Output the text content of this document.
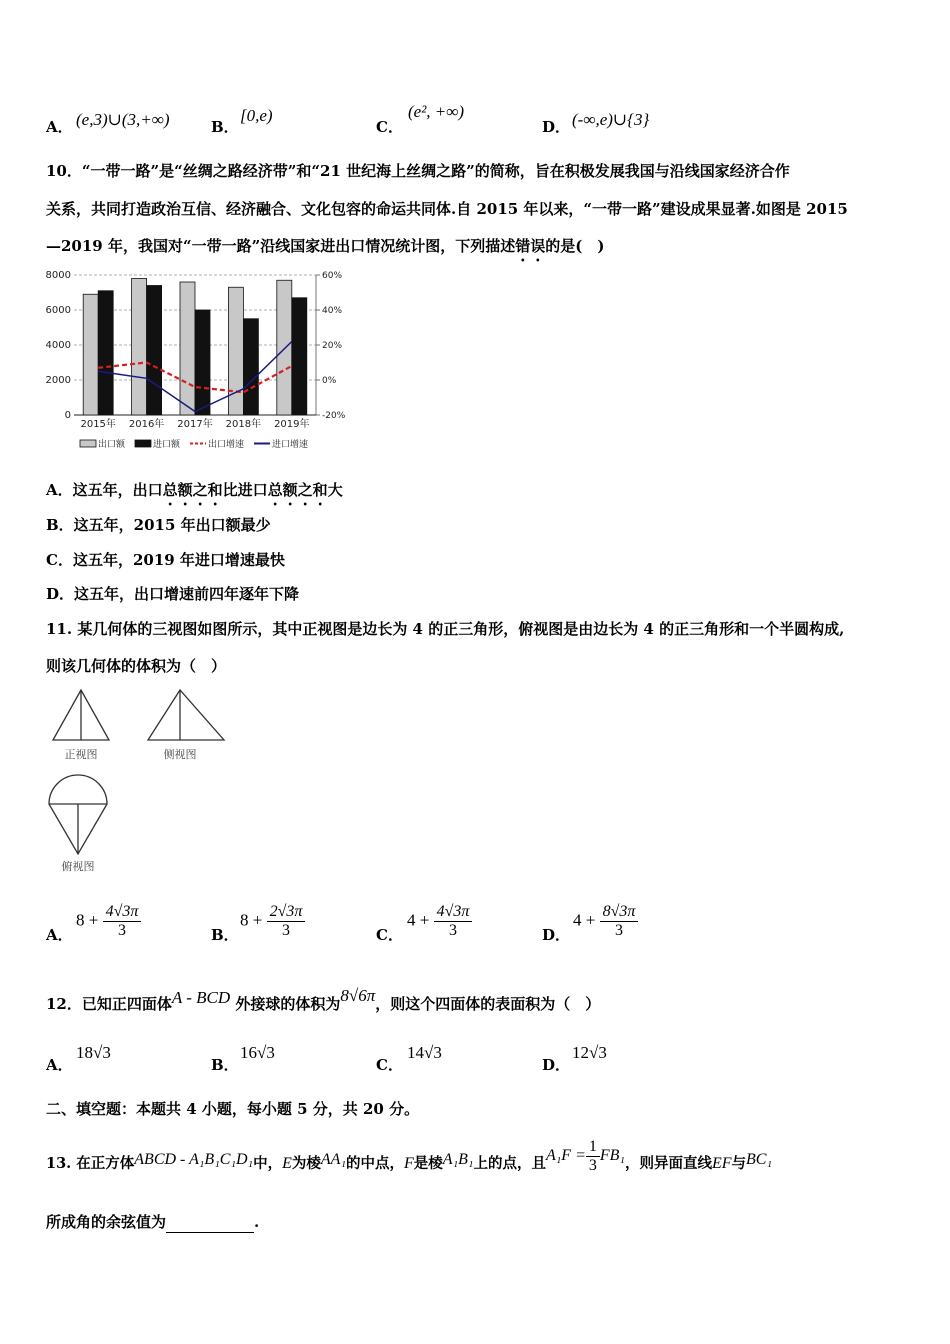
A． (e,3)∪(3,+∞)	B．
[0,e)
C．
(e², +∞)
D． (-∞,e)∪{3}
10．“一带一路”是“丝绸之路经济带”和“21 世纪海上丝绸之路”的简称，旨在积极发展我国与沿线国家经济合作
关系，共同打造政治互信、经济融合、文化包容的命运共同体.自 2015 年以来，“一带一路”建设成果显著.如图是 2015
—2019 年，我国对“一带一路”沿线国家进出口情况统计图，下列描述错误的是(　)
8000
6000
4000
2000
0
60%
40%
20%
0%
-20%
2015年 2016年 2017年 2018年 2019年
出口额	进口额	出口增速	进口增速
A．这五年，出口总额之和比进口总额之和大
B．这五年，2015 年出口额最少
C．这五年，2019 年进口增速最快
D．这五年，出口增速前四年逐年下降
11. 某几何体的三视图如图所示，其中正视图是边长为 4 的正三角形，俯视图是由边长为 4 的正三角形和一个半圆构成,
则该几何体的体积为（　）
正视图	侧视图
俯视图
A．
$8 + \frac{4√3\pi}{3}$	B．
$8 + \frac{2√3\pi}{3}$	C．
$4 + \frac{4√3\pi}{3}$	D．
$4 + \frac{8√3\pi}{3}$
12．已知正四面体A - BCD 外接球的体积为8√6π，则这个四面体的表面积为（　）
A．
18√3
B．
16√3
C．
14√3
D．
12√3
二、填空题：本题共 4 小题，每小题 5 分，共 20 分。
13. 在正方体ABCD - A₁B₁C₁D₁中，E为棱AA₁的中点，F是棱A₁B₁上的点，且$A_1F = \frac{1}{3} FB_1$，则异面直线EF与BC₁
所成角的余弦值为	.
